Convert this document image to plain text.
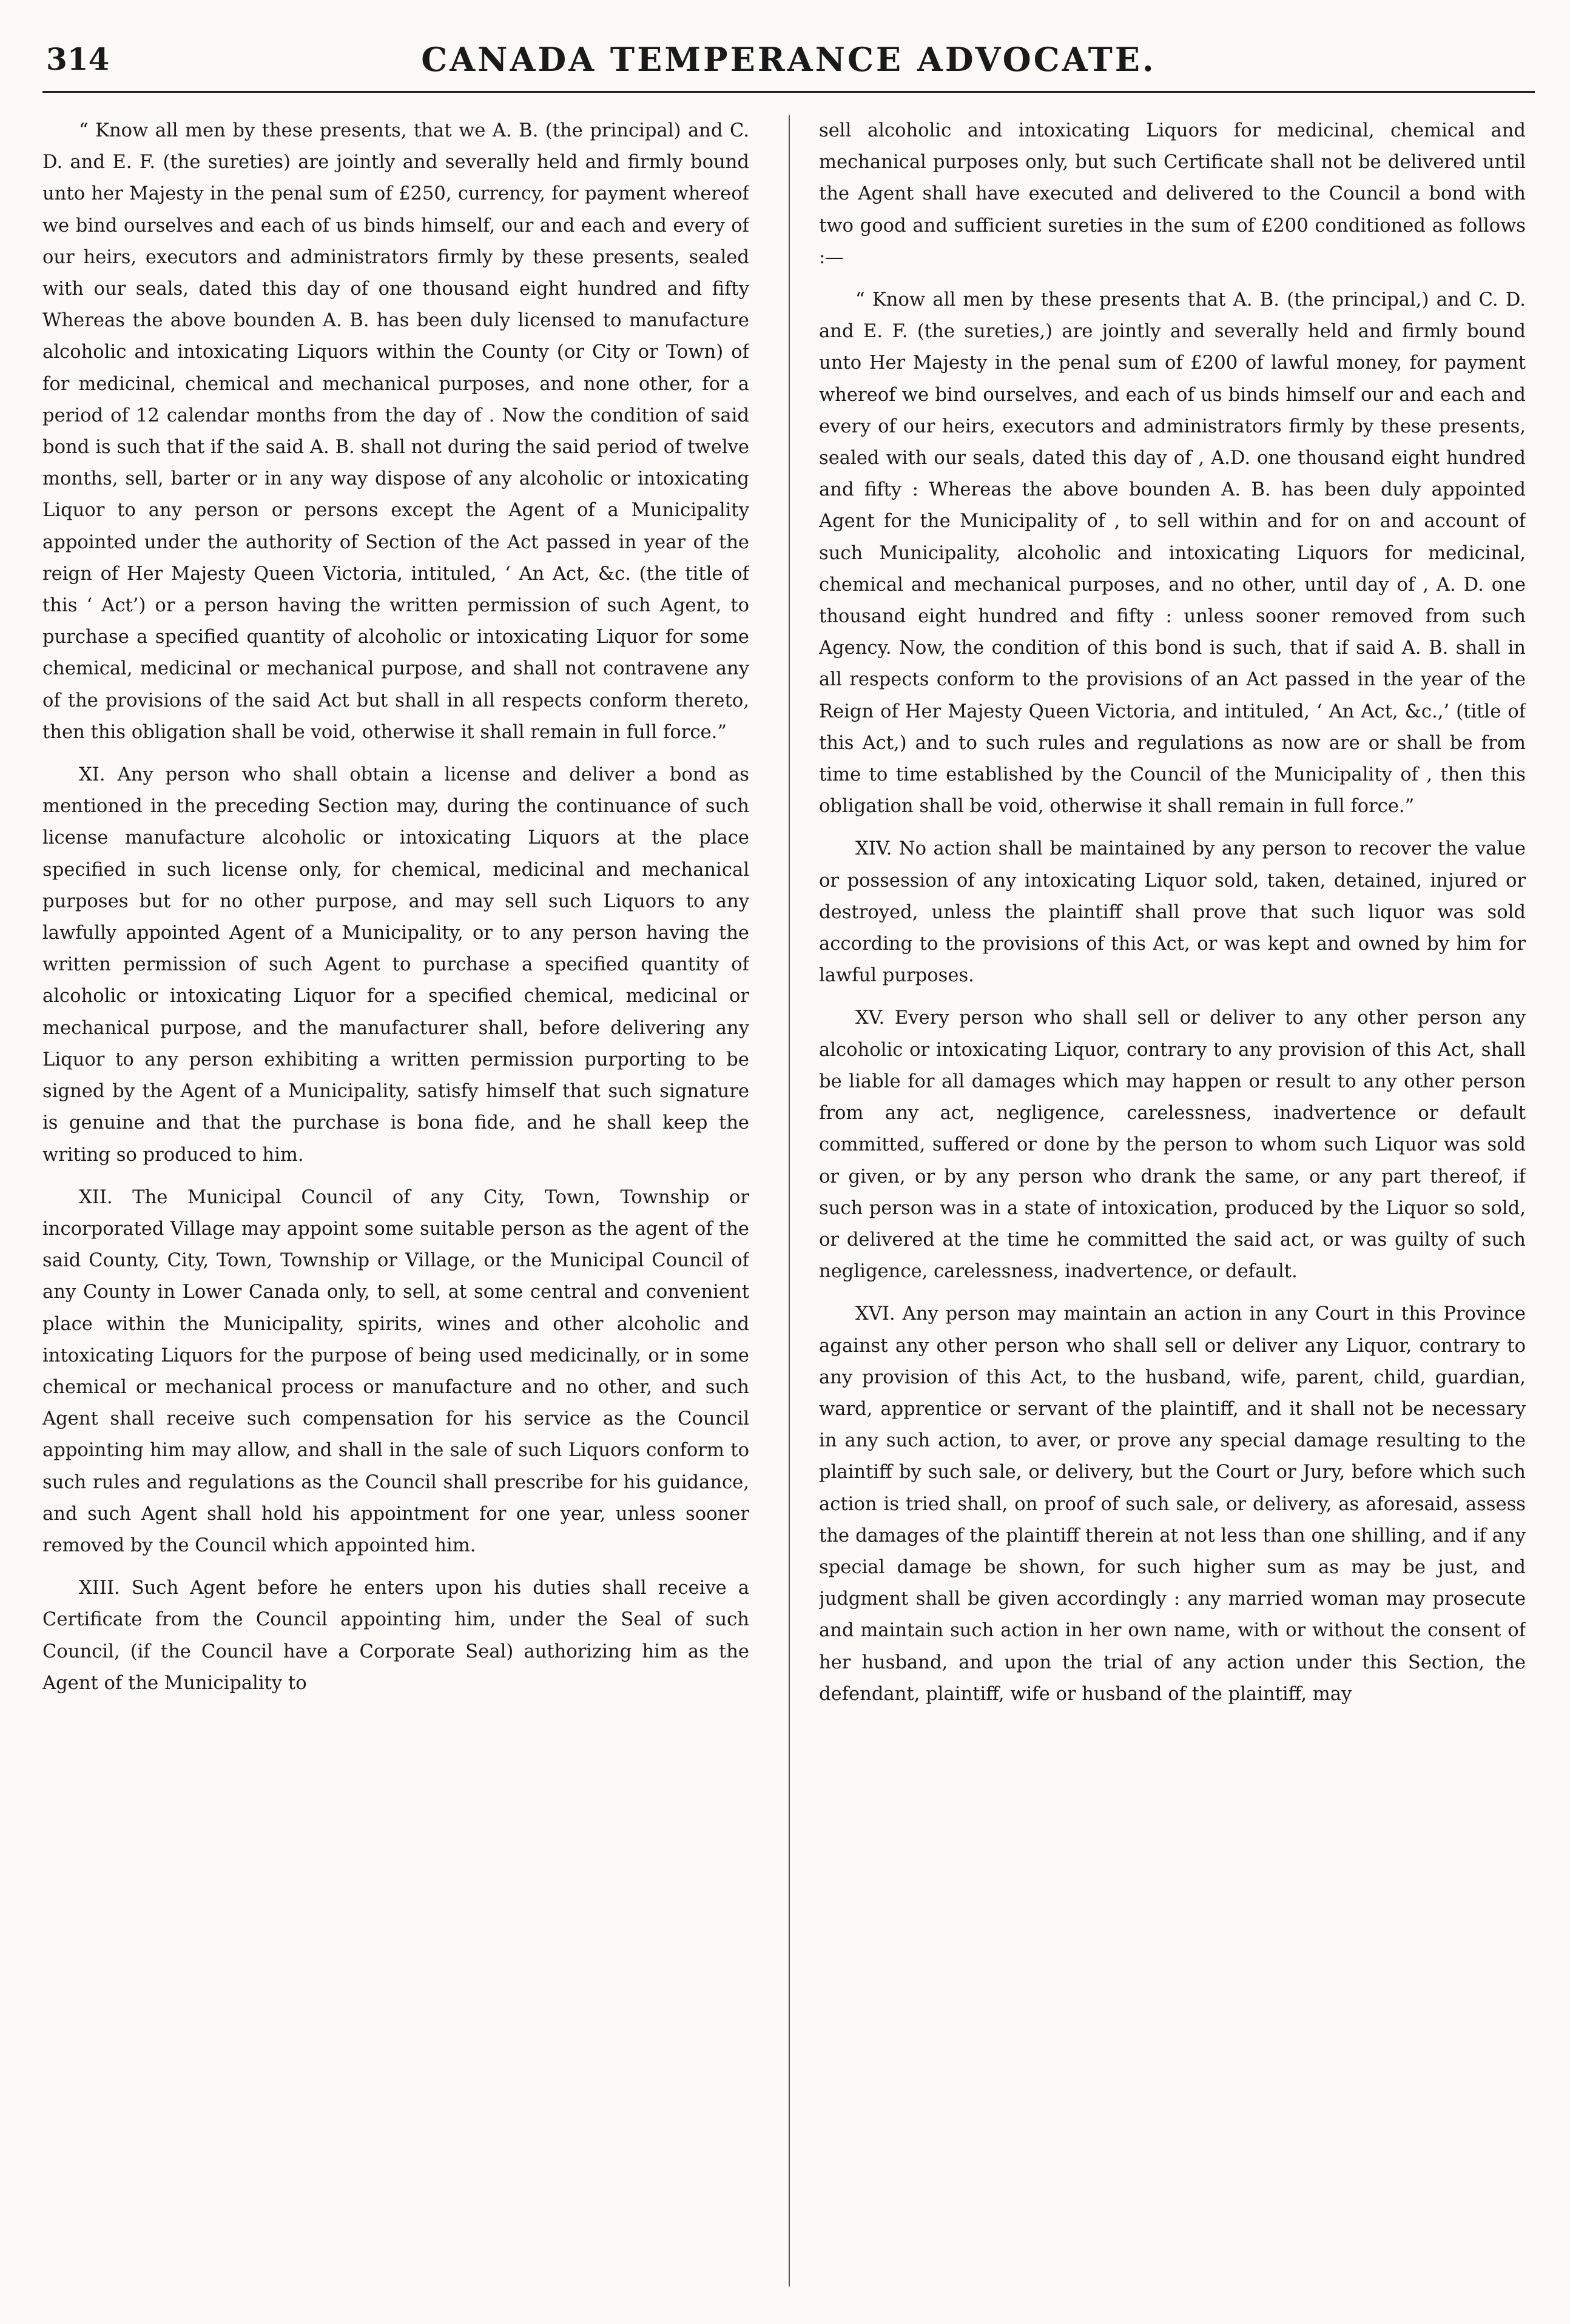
314	CANADA TEMPERANCE ADVOCATE.

“ Know all men by these presents, that we A. B. (the principal) and C. D. and E. F. (the sureties) are jointly and severally held and firmly bound unto her Majesty in the penal sum of £250, currency, for payment whereof we bind ourselves and each of us binds himself, our and each and every of our heirs, executors and administrators firmly by these presents, sealed with our seals, dated this day of one thousand eight hundred and fifty Whereas the above bounden A. B. has been duly licensed to manufacture alcoholic and intoxicating Liquors within the County (or City or Town) of for medicinal, chemical and mechanical purposes, and none other, for a period of 12 calendar months from the day of . Now the condition of said bond is such that if the said A. B. shall not during the said period of twelve months, sell, barter or in any way dispose of any alcoholic or intoxicating Liquor to any person or persons except the Agent of a Municipality appointed under the authority of Section of the Act passed in year of the reign of Her Majesty Queen Victoria, intituled, ‘ An Act, &c. (the title of this ‘ Act’) or a person having the written permission of such Agent, to purchase a specified quantity of alcoholic or intoxicating Liquor for some chemical, medicinal or mechanical purpose, and shall not contravene any of the provisions of the said Act but shall in all respects conform thereto, then this obligation shall be void, otherwise it shall remain in full force.”

XI. Any person who shall obtain a license and deliver a bond as mentioned in the preceding Section may, during the continuance of such license manufacture alcoholic or intoxicating Liquors at the place specified in such license only, for chemical, medicinal and mechanical purposes but for no other purpose, and may sell such Liquors to any lawfully appointed Agent of a Municipality, or to any person having the written permission of such Agent to purchase a specified quantity of alcoholic or intoxicating Liquor for a specified chemical, medicinal or mechanical purpose, and the manufacturer shall, before delivering any Liquor to any person exhibiting a written permission purporting to be signed by the Agent of a Municipality, satisfy himself that such signature is genuine and that the purchase is bona fide, and he shall keep the writing so produced to him.

XII. The Municipal Council of any City, Town, Township or incorporated Village may appoint some suitable person as the agent of the said County, City, Town, Township or Village, or the Municipal Council of any County in Lower Canada only, to sell, at some central and convenient place within the Municipality, spirits, wines and other alcoholic and intoxicating Liquors for the purpose of being used medicinally, or in some chemical or mechanical process or manufacture and no other, and such Agent shall receive such compensation for his service as the Council appointing him may allow, and shall in the sale of such Liquors conform to such rules and regulations as the Council shall prescribe for his guidance, and such Agent shall hold his appointment for one year, unless sooner removed by the Council which appointed him.

XIII. Such Agent before he enters upon his duties shall receive a Certificate from the Council appointing him, under the Seal of such Council, (if the Council have a Corporate Seal) authorizing him as the Agent of the Municipality to

sell alcoholic and intoxicating Liquors for medicinal, chemical and mechanical purposes only, but such Certificate shall not be delivered until the Agent shall have executed and delivered to the Council a bond with two good and sufficient sureties in the sum of £200 conditioned as follows :—

“ Know all men by these presents that A. B. (the principal,) and C. D. and E. F. (the sureties,) are jointly and severally held and firmly bound unto Her Majesty in the penal sum of £200 of lawful money, for payment whereof we bind ourselves, and each of us binds himself our and each and every of our heirs, executors and administrators firmly by these presents, sealed with our seals, dated this day of , A.D. one thousand eight hundred and fifty : Whereas the above bounden A. B. has been duly appointed Agent for the Municipality of , to sell within and for on and account of such Municipality, alcoholic and intoxicating Liquors for medicinal, chemical and mechanical purposes, and no other, until day of , A. D. one thousand eight hundred and fifty : unless sooner removed from such Agency. Now, the condition of this bond is such, that if said A. B. shall in all respects conform to the provisions of an Act passed in the year of the Reign of Her Majesty Queen Victoria, and intituled, ‘ An Act, &c.,’ (title of this Act,) and to such rules and regulations as now are or shall be from time to time established by the Council of the Municipality of , then this obligation shall be void, otherwise it shall remain in full force.”

XIV. No action shall be maintained by any person to recover the value or possession of any intoxicating Liquor sold, taken, detained, injured or destroyed, unless the plaintiff shall prove that such liquor was sold according to the provisions of this Act, or was kept and owned by him for lawful purposes.

XV. Every person who shall sell or deliver to any other person any alcoholic or intoxicating Liquor, contrary to any provision of this Act, shall be liable for all damages which may happen or result to any other person from any act, negligence, carelessness, inadvertence or default committed, suffered or done by the person to whom such Liquor was sold or given, or by any person who drank the same, or any part thereof, if such person was in a state of intoxication, produced by the Liquor so sold, or delivered at the time he committed the said act, or was guilty of such negligence, carelessness, inadvertence, or default.

XVI. Any person may maintain an action in any Court in this Province against any other person who shall sell or deliver any Liquor, contrary to any provision of this Act, to the husband, wife, parent, child, guardian, ward, apprentice or servant of the plaintiff, and it shall not be necessary in any such action, to aver, or prove any special damage resulting to the plaintiff by such sale, or delivery, but the Court or Jury, before which such action is tried shall, on proof of such sale, or delivery, as aforesaid, assess the damages of the plaintiff therein at not less than one shilling, and if any special damage be shown, for such higher sum as may be just, and judgment shall be given accordingly : any married woman may prosecute and maintain such action in her own name, with or without the consent of her husband, and upon the trial of any action under this Section, the defendant, plaintiff, wife or husband of the plaintiff, may
